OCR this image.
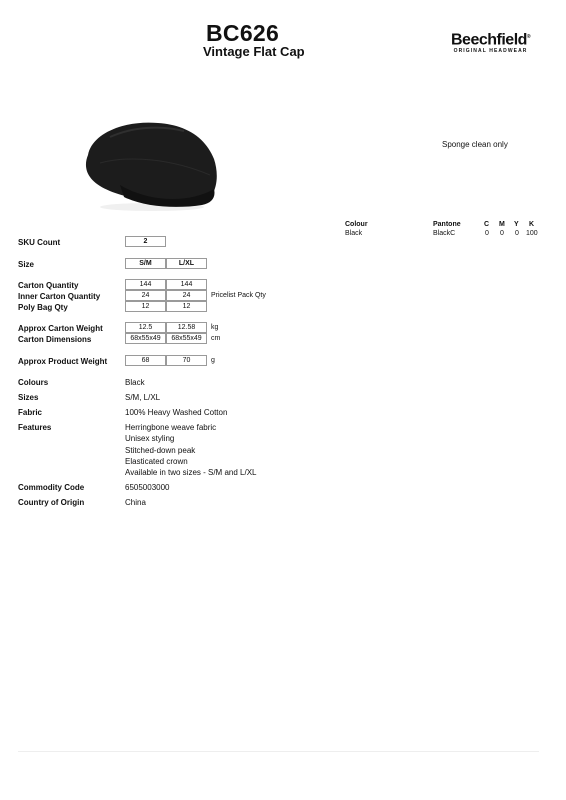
BC626
Vintage Flat Cap
Beechfield®
ORIGINAL HEADWEAR
Sponge clean only
Colour	Pantone	C M Y K
Black	BlackC	0 0 0 100
SKU Count	2
Size	S/M	L/XL
Carton Quantity	144	144
Inner Carton Quantity	24	24	Pricelist Pack Qty
Poly Bag Qty	12	12
Approx Carton Weight	12.5	12.58	kg
Carton Dimensions	68x55x49	68x55x49	cm
Approx Product Weight	68	70	g
Colours	Black
Sizes	S/M, L/XL
Fabric	100% Heavy Washed Cotton
Features	Herringbone weave fabric
Unisex styling
Stitched-down peak
Elasticated crown
Available in two sizes - S/M and L/XL
Commodity Code	6505003000
Country of Origin	China
